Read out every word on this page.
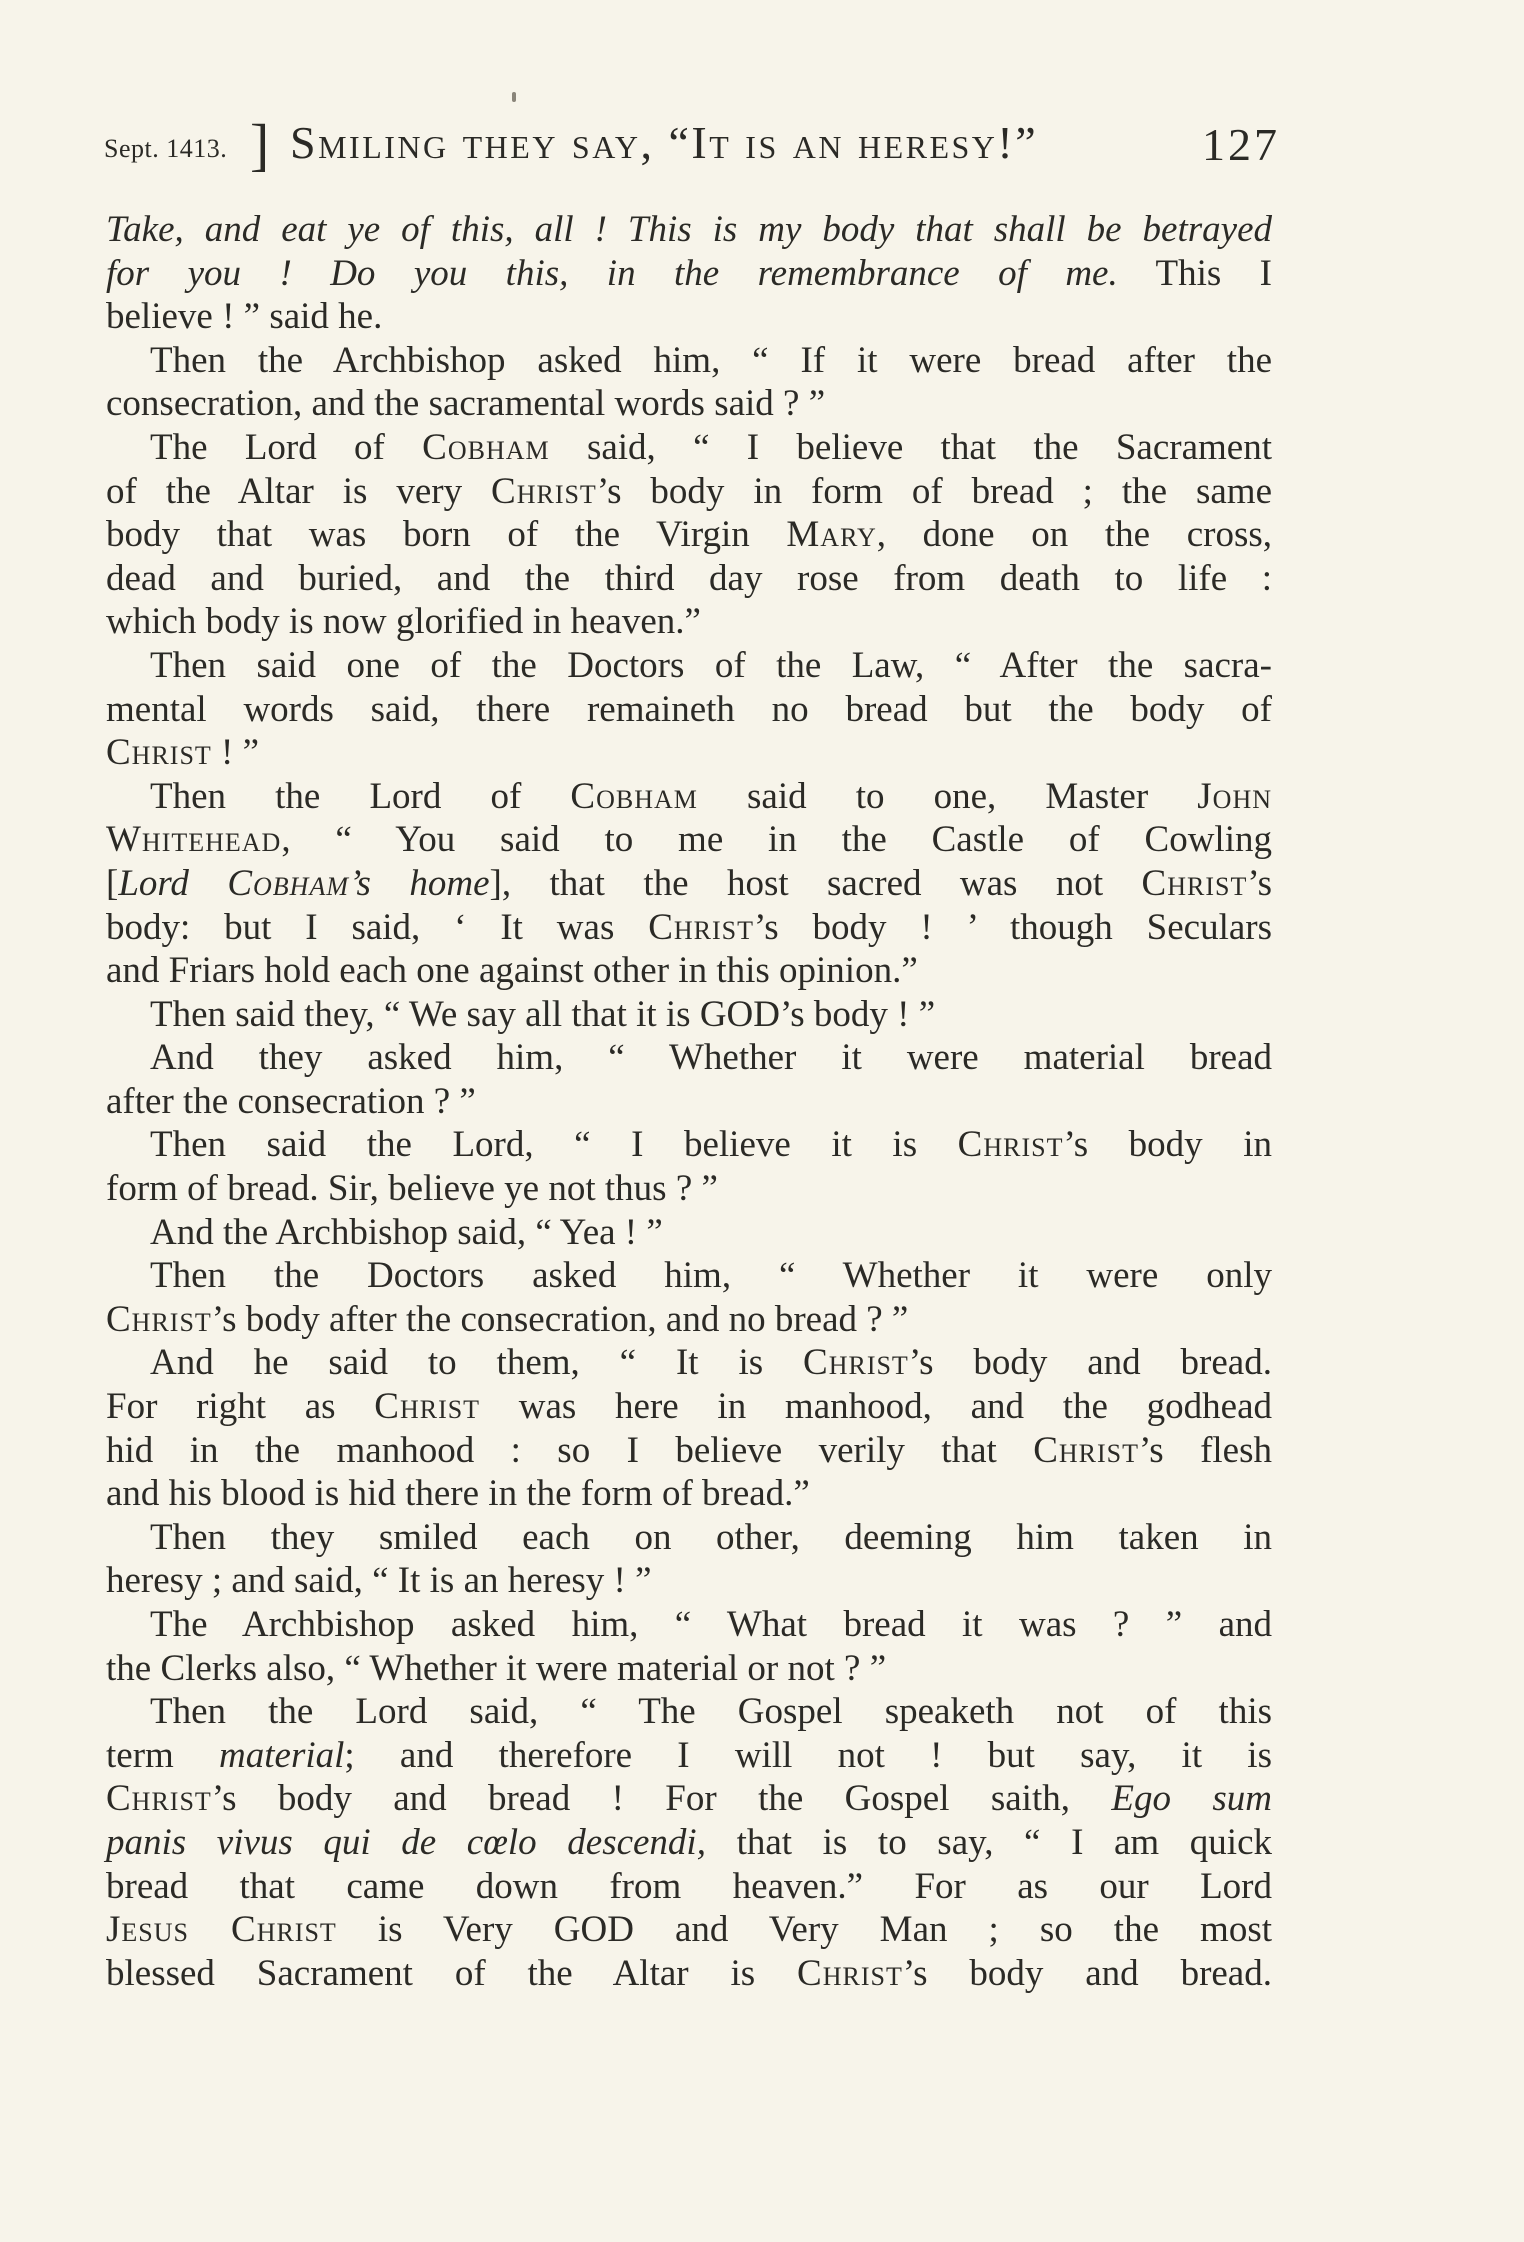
Sept. 1413. ] Smiling they say, “It is an heresy!”	127
Take, and eat ye of this, all ! This is my body that shall be betrayed
for you ! Do you this, in the remembrance of me. This I
believe ! ” said he.
Then the Archbishop asked him, “ If it were bread after the
consecration, and the sacramental words said ? ”
The Lord of Cobham said, “ I believe that the Sacrament
of the Altar is very Christ’s body in form of bread ; the same
body that was born of the Virgin Mary, done on the cross,
dead and buried, and the third day rose from death to life :
which body is now glorified in heaven.”
Then said one of the Doctors of the Law, “ After the sacra-
mental words said, there remaineth no bread but the body of
Christ ! ”
Then the Lord of Cobham said to one, Master John
Whitehead, “ You said to me in the Castle of Cowling
[Lord Cobham’s home], that the host sacred was not Christ’s
body: but I said, ‘ It was Christ’s body ! ’ though Seculars
and Friars hold each one against other in this opinion.”
Then said they, “ We say all that it is GOD’s body ! ”
And they asked him, “ Whether it were material bread
after the consecration ? ”
Then said the Lord, “ I believe it is Christ’s body in
form of bread. Sir, believe ye not thus ? ”
And the Archbishop said, “ Yea ! ”
Then the Doctors asked him, “ Whether it were only
Christ’s body after the consecration, and no bread ? ”
And he said to them, “ It is Christ’s body and bread.
For right as Christ was here in manhood, and the godhead
hid in the manhood : so I believe verily that Christ’s flesh
and his blood is hid there in the form of bread.”
Then they smiled each on other, deeming him taken in
heresy ; and said, “ It is an heresy ! ”
The Archbishop asked him, “ What bread it was ? ” and
the Clerks also, “ Whether it were material or not ? ”
Then the Lord said, “ The Gospel speaketh not of this
term material; and therefore I will not ! but say, it is
Christ’s body and bread ! For the Gospel saith, Ego sum
panis vivus qui de cœlo descendi, that is to say, “ I am quick
bread that came down from heaven.” For as our Lord
Jesus Christ is Very GOD and Very Man ; so the most
blessed Sacrament of the Altar is Christ’s body and bread.
